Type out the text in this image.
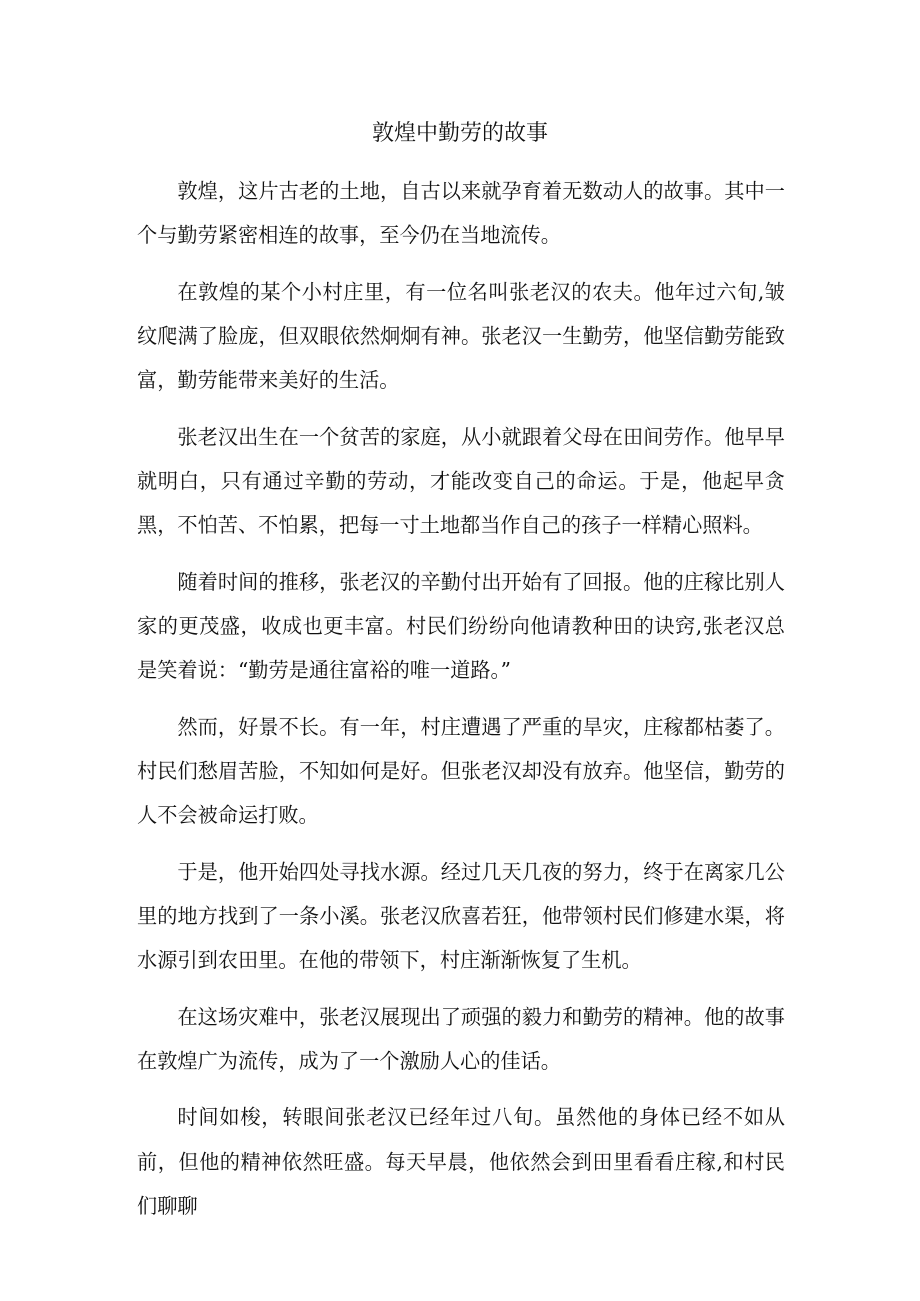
敦煌中勤劳的故事

敦煌，这片古老的土地，自古以来就孕育着无数动人的故事。其中一个与勤劳紧密相连的故事，至今仍在当地流传。

在敦煌的某个小村庄里，有一位名叫张老汉的农夫。他年过六旬,皱纹爬满了脸庞，但双眼依然炯炯有神。张老汉一生勤劳，他坚信勤劳能致富，勤劳能带来美好的生活。

张老汉出生在一个贫苦的家庭，从小就跟着父母在田间劳作。他早早就明白，只有通过辛勤的劳动，才能改变自己的命运。于是，他起早贪黑，不怕苦、不怕累，把每一寸土地都当作自己的孩子一样精心照料。

随着时间的推移，张老汉的辛勤付出开始有了回报。他的庄稼比别人家的更茂盛，收成也更丰富。村民们纷纷向他请教种田的诀窍,张老汉总是笑着说：“勤劳是通往富裕的唯一道路。”

然而，好景不长。有一年，村庄遭遇了严重的旱灾，庄稼都枯萎了。村民们愁眉苦脸，不知如何是好。但张老汉却没有放弃。他坚信，勤劳的人不会被命运打败。

于是，他开始四处寻找水源。经过几天几夜的努力，终于在离家几公里的地方找到了一条小溪。张老汉欣喜若狂，他带领村民们修建水渠，将水源引到农田里。在他的带领下，村庄渐渐恢复了生机。

在这场灾难中，张老汉展现出了顽强的毅力和勤劳的精神。他的故事在敦煌广为流传，成为了一个激励人心的佳话。

时间如梭，转眼间张老汉已经年过八旬。虽然他的身体已经不如从前，但他的精神依然旺盛。每天早晨，他依然会到田里看看庄稼,和村民们聊聊
